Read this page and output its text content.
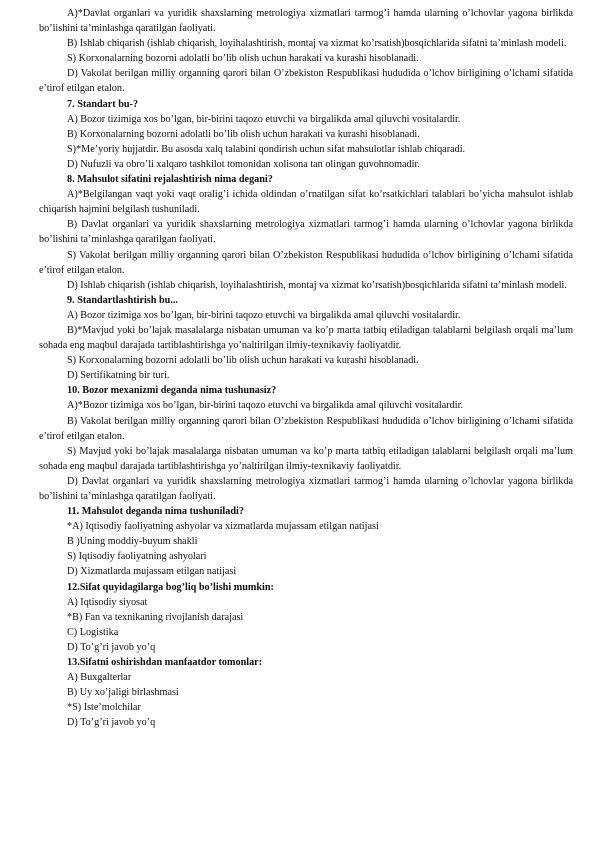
A)*Davlat organlari va yuridik shaxslarning metrologiya xizmatlari tarmog’i hamda ularning o’lchovlar yagona birlikda bo’lishini ta’minlashga qaratilgan faoliyati.

B) Ishlab chiqarish (ishlab chiqarish, loyihalashtirish, montaj va xizmat ko’rsatish)bosqichlarida sifatni ta’minlash modeli.

S) Korxonalarning bozorni adolatli bo’lib olish uchun harakati va kurashi hisoblanadi.

D) Vakolat berilgan milliy organning qarori bilan O’zbekiston Respublikasi hududida o’lchov birligining o’lchami sifatida e’tirof etilgan etalon.

7. Standart bu-?

A) Bozor tizimiga xos bo’lgan, bir-birini taqozo etuvchi va birgalikda amal qiluvchi vositalardir.

B) Korxonalarning bozorni adolatli bo’lib olish uchun harakati va kurashi hisoblanadi.

S)*Me’yoriy hujjatdir. Bu asosda xalq talabini qondirish uchun sifat mahsulotlar ishlab chiqaradi.

D) Nufuzli va obro’li xalqaro tashkilot tomonidan xolisona tan olingan guvohnomadir.

8. Mahsulot sifatini rejalashtirish nima degani?

A)*Belgilangan vaqt yoki vaqt oralig’i ichida oldindan o’rnatilgan sifat ko’rsatkichlari talablari bo’yicha mahsulot ishlab chiqarish hajmini belgilash tushuniladi.

B) Davlat organlari va yuridik shaxslarning metrologiya xizmatlari tarmog’i hamda ularning o’lchovlar yagona birlikda bo’lishini ta’minlashga qaratilgan faoliyati.

S) Vakolat berilgan milliy organning qarori bilan O’zbekiston Respublikasi hududida o’lchov birligining o’lchami sifatida e’tirof etilgan etalon.

D) Ishlab chiqarish (ishlab chiqarish, loyihalashtirish, montaj va xizmat ko’rsatish)bosqichlarida sifatni ta’minlash modeli.

9. Standartlashtirish bu...

A) Bozor tizimiga xos bo’lgan, bir-birini taqozo etuvchi va birgalikda amal qiluvchi vositalardir.

B)*Mavjud yoki bo’lajak masalalarga nisbatan umuman va ko’p marta tatbiq etiladigan talablarni belgilash orqali ma’lum sohada eng maqbul darajada tartiblashtirishga yo’naltirilgan ilmiy-texnikaviy faoliyatdir.

S) Korxonalarning bozorni adolatli bo’lib olish uchun harakati va kurashi hisoblanadi.

D) Sertifikatning bir turi.

10. Bozor mexanizmi deganda nima tushunasiz?

A)*Bozor tizimiga xos bo’lgan, bir-birini taqozo etuvchi va birgalikda amal qiluvchi vositalardir.

B) Vakolat berilgan milliy organning qarori bilan O’zbekiston Respublikasi hududida o’lchov birligining o’lchami sifatida e’tirof etilgan etalon.

S) Mavjud yoki bo’lajak masalalarga nisbatan umuman va ko’p marta tatbiq etiladigan talablarni belgilash orqali ma’lum sohada eng maqbul darajada tartiblashtirishga yo’naltirilgan ilmiy-texnikaviy faoliyatdir.

D) Davlat organlari va yuridik shaxslarning metrologiya xizmatlari tarmog’i hamda ularning o’lchovlar yagona birlikda bo’lishini ta’minlashga qaratilgan faoliyati.

11. Mahsulot deganda nima tushuniladi?

*A) Iqtisodiy faoliyatning ashyolar va xizmatlarda mujassam etilgan natijasi

B )Uning moddiy-buyum shakli

S) Iqtisodiy faoliyatning ashyolari

D) Xizmatlarda mujassam etilgan natijasi

12.Sifat quyidagilarga bog’liq bo’lishi mumkin:

A) Iqtisodiy siyosat

*B) Fan va texnikaning rivojlanish darajasi

C) Logistika

D) To’g’ri javob yo’q

13.Sifatni oshirishdan manfaatdor tomonlar:

A) Buxgalterlar

B) Uy xo’jaligi birlashmasi

*S) Iste’molchilar

D) To’g’ri javob yo’q
